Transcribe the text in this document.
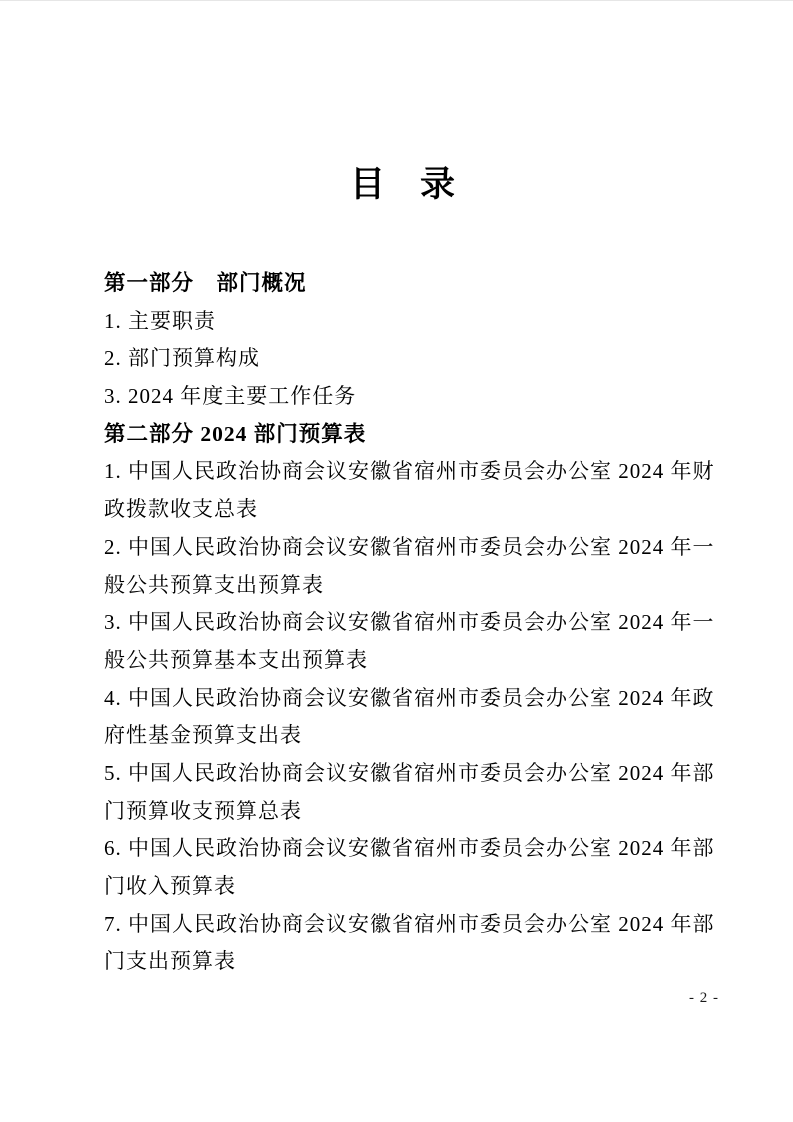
目　录
第一部分　部门概况
1. 主要职责
2. 部门预算构成
3. 2024 年度主要工作任务
第二部分 2024 部门预算表
1. 中国人民政治协商会议安徽省宿州市委员会办公室 2024 年财
政拨款收支总表
2. 中国人民政治协商会议安徽省宿州市委员会办公室 2024 年一
般公共预算支出预算表
3. 中国人民政治协商会议安徽省宿州市委员会办公室 2024 年一
般公共预算基本支出预算表
4. 中国人民政治协商会议安徽省宿州市委员会办公室 2024 年政
府性基金预算支出表
5. 中国人民政治协商会议安徽省宿州市委员会办公室 2024 年部
门预算收支预算总表
6. 中国人民政治协商会议安徽省宿州市委员会办公室 2024 年部
门收入预算表
7. 中国人民政治协商会议安徽省宿州市委员会办公室 2024 年部
门支出预算表
- 2 -
